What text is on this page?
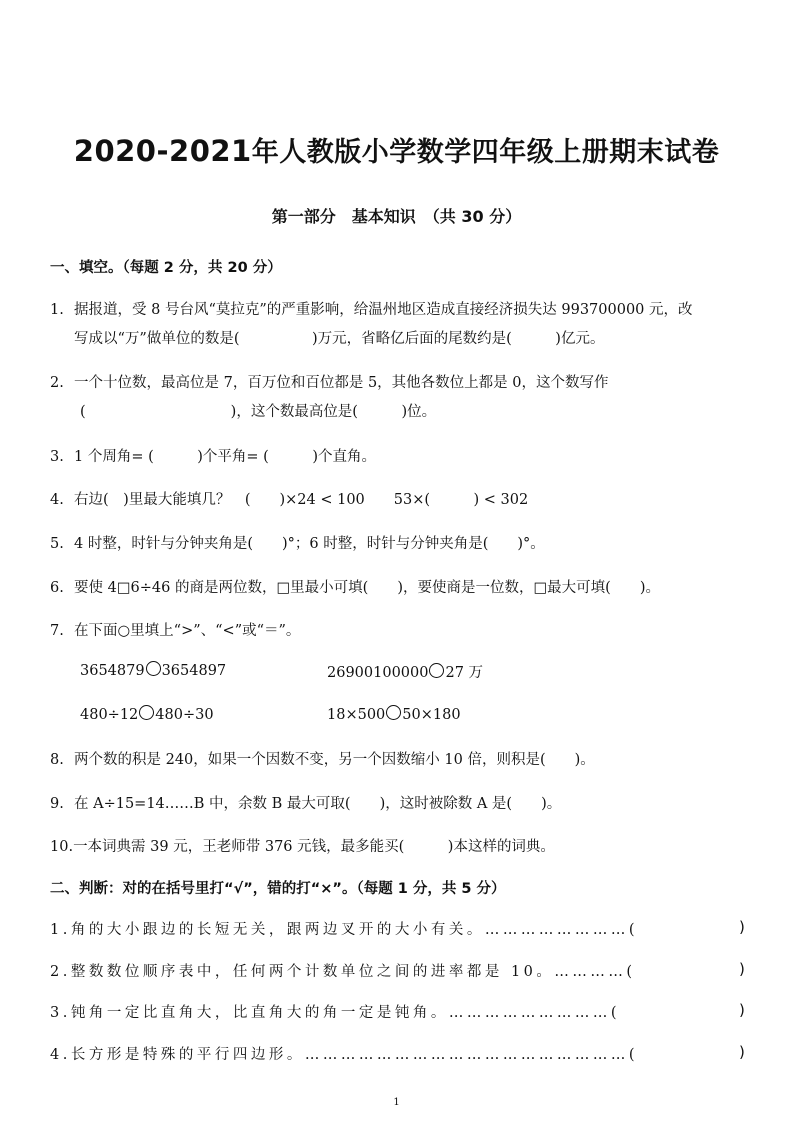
2020-2021年人教版小学数学四年级上册期末试卷
第一部分　基本知识　（共 30 分）
一、填空。（每题 2 分，共 20 分）
1. 据报道，受 8 号台风“莫拉克”的严重影响，给温州地区造成直接经济损失达 993700000 元，改
写成以“万”做单位的数是(　　　　　)万元，省略亿后面的尾数约是(　　　)亿元。
2. 一个十位数，最高位是 7，百万位和百位都是 5，其他各数位上都是 0，这个数写作
(　　　　　　　　　　)，这个数最高位是(　　　)位。
3. 1 个周角= (　　　)个平角= (　　　)个直角。
4. 右边(　)里最大能填几？　(　　)×24 < 100　　53×(　　　) < 302
5. 4 时整，时针与分钟夹角是(　　)°；6 时整，时针与分钟夹角是(　　)°。
6. 要使 4□6÷46 的商是两位数，□里最小可填(　　)，要使商是一位数，□最大可填(　　)。
7. 在下面○里填上“>”、“<”或“＝”。
3654879 3654897	26900100000 27 万
480÷12 480÷30	18×500 50×180
8. 两个数的积是 240，如果一个因数不变，另一个因数缩小 10 倍，则积是(　　)。
9. 在 A÷15=14……B 中，余数 B 最大可取(　　)，这时被除数 A 是(　　)。
10.一本词典需 39 元，王老师带 376 元钱，最多能买(　　　)本这样的词典。
二、判断：对的在括号里打“√”，错的打“×”。（每题 1 分，共 5 分）
1.角的大小跟边的长短无关，跟两边叉开的大小有关。……………………(	)
2.整数数位顺序表中，任何两个计数单位之间的进率都是 10。…………(	)
3.钝角一定比直角大，比直角大的角一定是钝角。………………………(	)
4.长方形是特殊的平行四边形。………………………………………………(	)
1
